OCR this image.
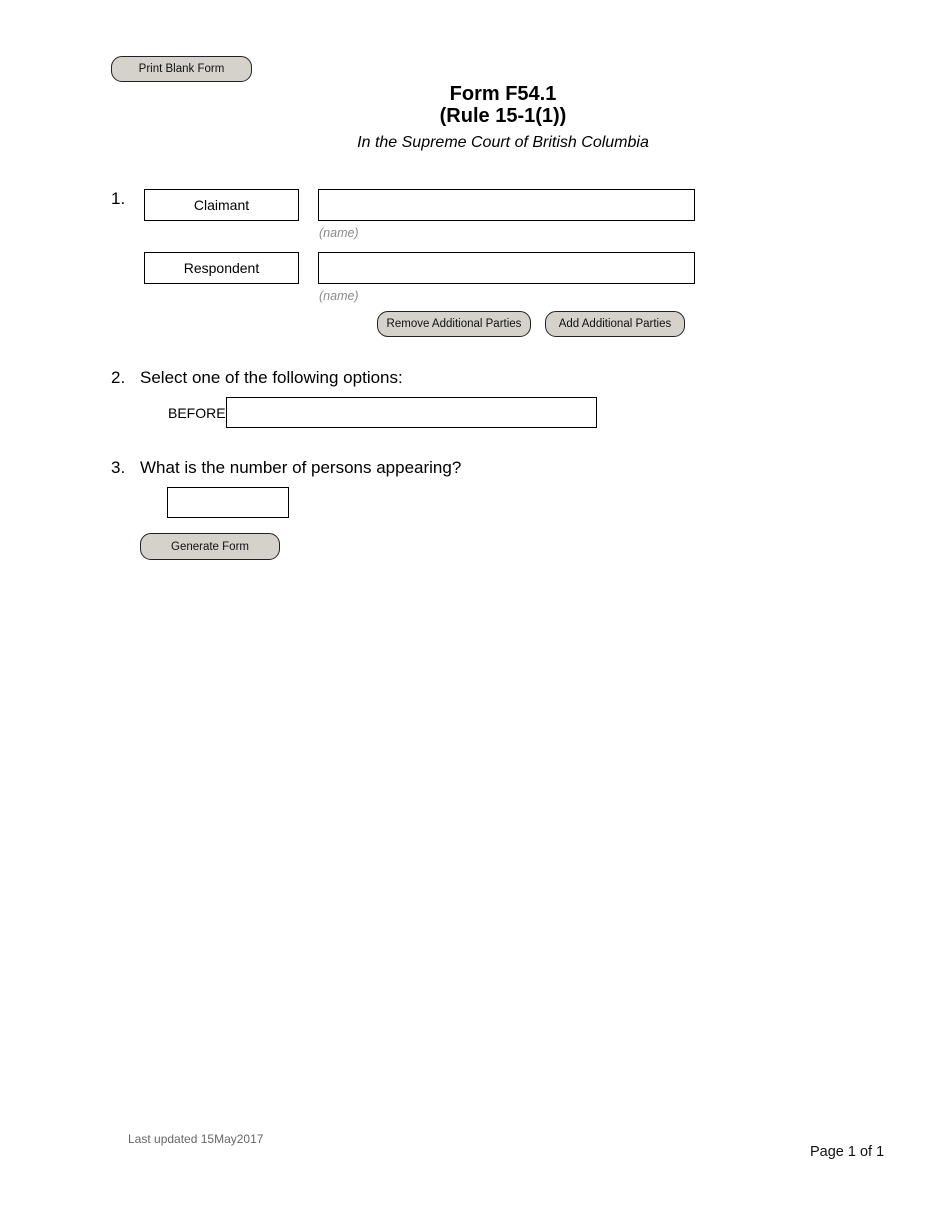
Print Blank Form
Form F54.1
(Rule 15-1(1))
In the Supreme Court of British Columbia
1.	Claimant
(name)
Respondent
(name)
Remove Additional Parties	Add Additional Parties
2. Select one of the following options:
BEFORE
3. What is the number of persons appearing?
Generate Form
Last updated 15May2017
Page 1 of 1
